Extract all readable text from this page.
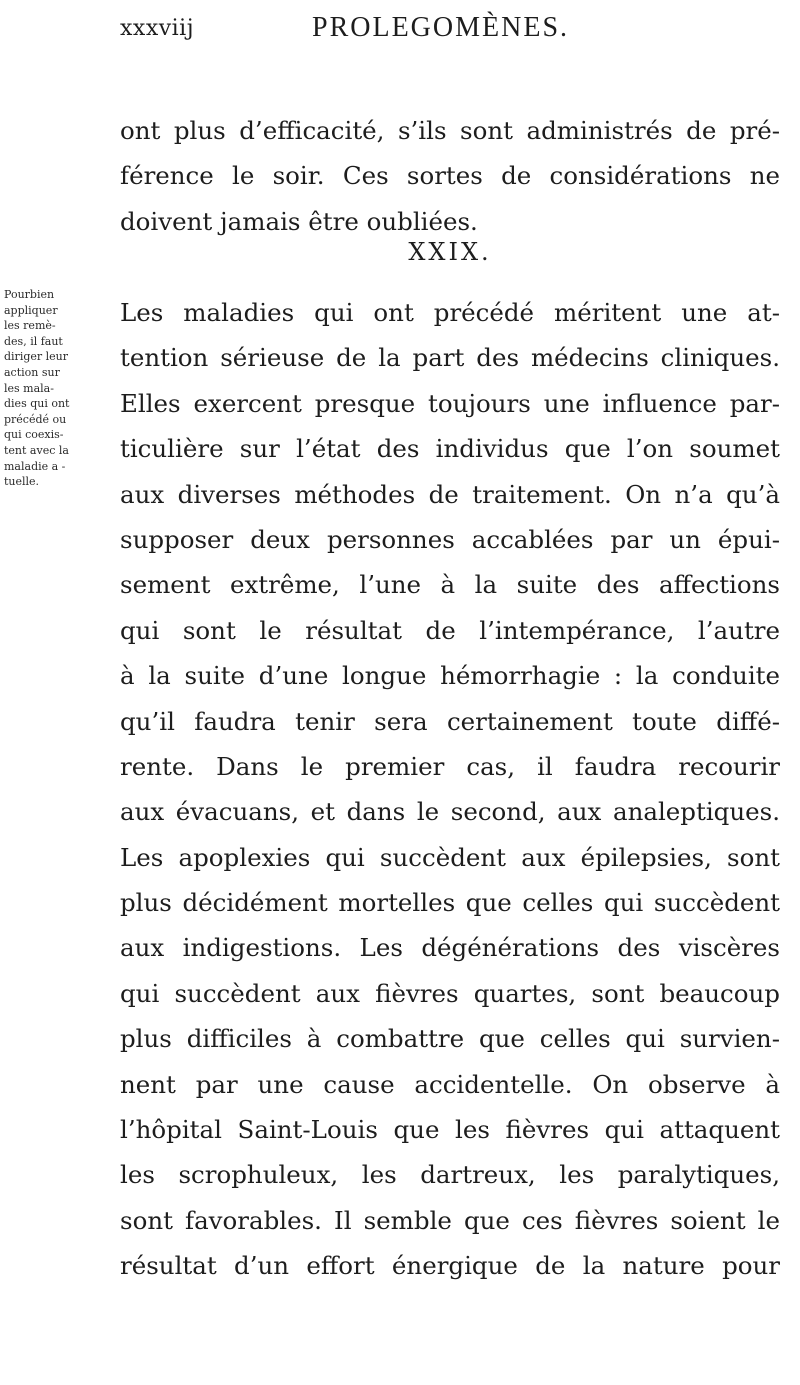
xxxviij	PROLEGOMÈNES.
ont plus d’efficacité, s’ils sont administrés de pré-
férence le soir. Ces sortes de considérations ne
doivent jamais être oubliées.
XXIX.
Pourbien
appliquer
les remè-
des, il faut
diriger leur
action sur
les mala-
dies qui ont
précédé ou
qui coexis-
tent avec la
maladie a -
tuelle.
Les maladies qui ont précédé méritent une at-
tention sérieuse de la part des médecins cliniques.
Elles exercent presque toujours une influence par-
ticulière sur l’état des individus que l’on soumet
aux diverses méthodes de traitement. On n’a qu’à
supposer deux personnes accablées par un épui-
sement extrême, l’une à la suite des affections
qui sont le résultat de l’intempérance, l’autre
à la suite d’une longue hémorrhagie : la conduite
qu’il faudra tenir sera certainement toute diffé-
rente. Dans le premier cas, il faudra recourir
aux évacuans, et dans le second, aux analeptiques.
Les apoplexies qui succèdent aux épilepsies, sont
plus décidément mortelles que celles qui succèdent
aux indigestions. Les dégénérations des viscères
qui succèdent aux fièvres quartes, sont beaucoup
plus difficiles à combattre que celles qui survien-
nent par une cause accidentelle. On observe à
l’hôpital Saint-Louis que les fièvres qui attaquent
les scrophuleux, les dartreux, les paralytiques,
sont favorables. Il semble que ces fièvres soient le
résultat d’un effort énergique de la nature pour
